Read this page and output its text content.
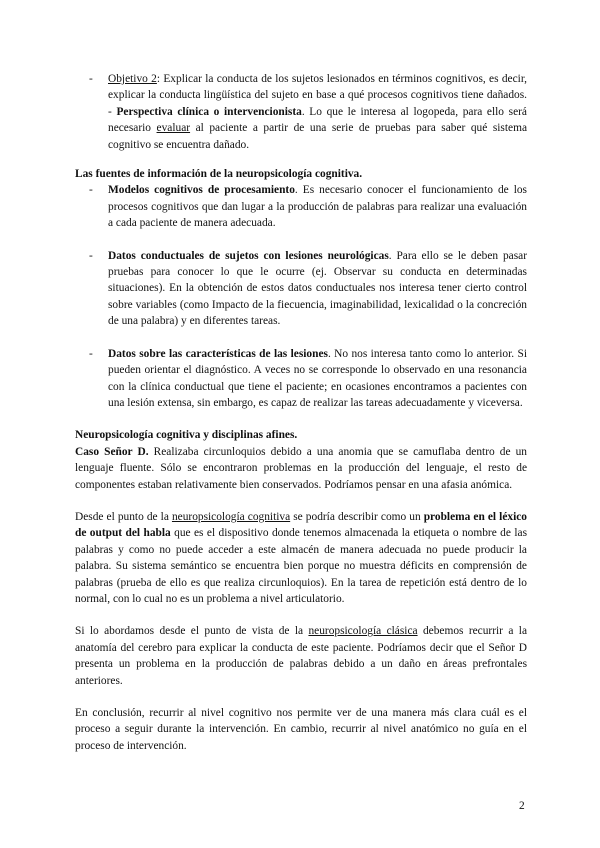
- Objetivo 2: Explicar la conducta de los sujetos lesionados en términos cognitivos, es decir, explicar la conducta lingüística del sujeto en base a qué procesos cognitivos tiene dañados. - Perspectiva clínica o intervencionista. Lo que le interesa al logopeda, para ello será necesario evaluar al paciente a partir de una serie de pruebas para saber qué sistema cognitivo se encuentra dañado.

Las fuentes de información de la neuropsicología cognitiva.

- Modelos cognitivos de procesamiento. Es necesario conocer el funcionamiento de los procesos cognitivos que dan lugar a la producción de palabras para realizar una evaluación a cada paciente de manera adecuada.
- Datos conductuales de sujetos con lesiones neurológicas. Para ello se le deben pasar pruebas para conocer lo que le ocurre (ej. Observar su conducta en determinadas situaciones). En la obtención de estos datos conductuales nos interesa tener cierto control sobre variables (como Impacto de la fiecuencia, imaginabilidad, lexicalidad o la concreción de una palabra) y en diferentes tareas.
- Datos sobre las características de las lesiones. No nos interesa tanto como lo anterior. Si pueden orientar el diagnóstico. A veces no se corresponde lo observado en una resonancia con la clínica conductual que tiene el paciente; en ocasiones encontramos a pacientes con una lesión extensa, sin embargo, es capaz de realizar las tareas adecuadamente y viceversa.

Neuropsicología cognitiva y disciplinas afines.

Caso Señor D. Realizaba circunloquios debido a una anomia que se camuflaba dentro de un lenguaje fluente. Sólo se encontraron problemas en la producción del lenguaje, el resto de componentes estaban relativamente bien conservados. Podríamos pensar en una afasia anómica.

Desde el punto de la neuropsicología cognitiva se podría describir como un problema en el léxico de output del habla que es el dispositivo donde tenemos almacenada la etiqueta o nombre de las palabras y como no puede acceder a este almacén de manera adecuada no puede producir la palabra. Su sistema semántico se encuentra bien porque no muestra déficits en comprensión de palabras (prueba de ello es que realiza circunloquios). En la tarea de repetición está dentro de lo normal, con lo cual no es un problema a nivel articulatorio.

Si lo abordamos desde el punto de vista de la neuropsicología clásica debemos recurrir a la anatomía del cerebro para explicar la conducta de este paciente. Podríamos decir que el Señor D presenta un problema en la producción de palabras debido a un daño en áreas prefrontales anteriores.

En conclusión, recurrir al nivel cognitivo nos permite ver de una manera más clara cuál es el proceso a seguir durante la intervención. En cambio, recurrir al nivel anatómico no guía en el proceso de intervención.

2
